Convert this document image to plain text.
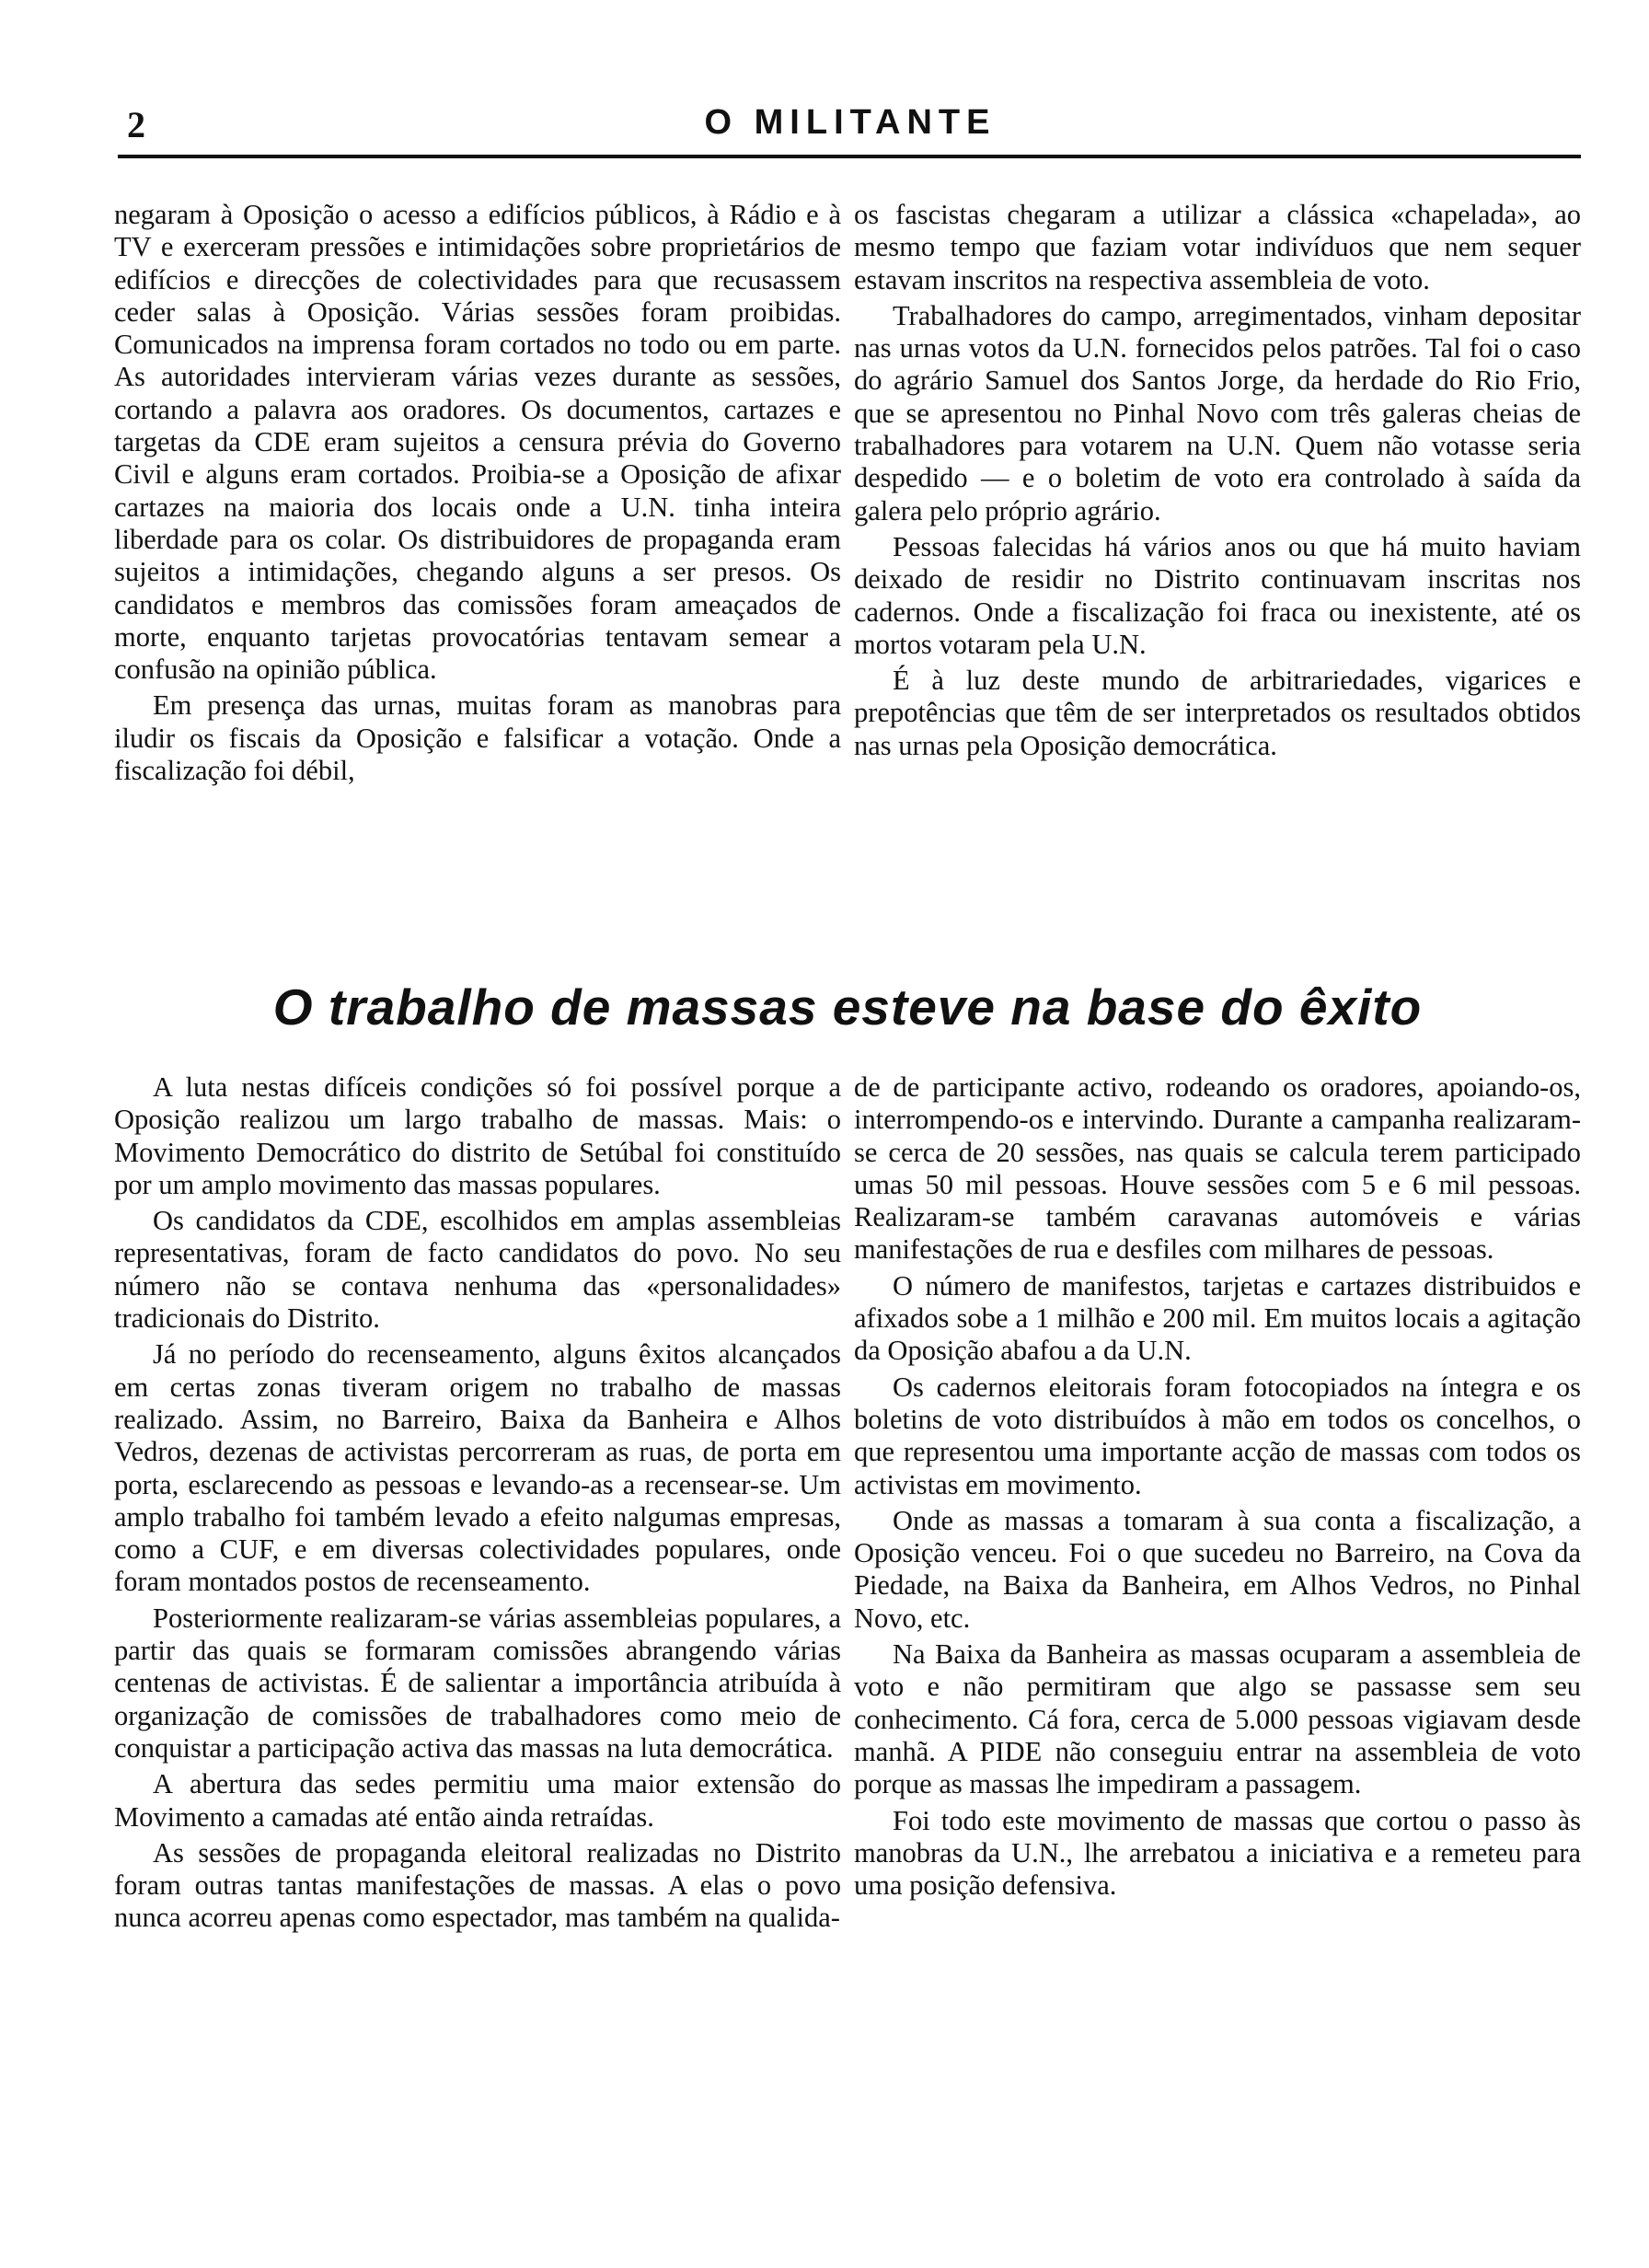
2	O MILITANTE

negaram à Oposição o acesso a edifícios públicos, à Rádio e à TV e exerceram pressões e intimidações sobre proprietários de edifícios e direcções de colectividades para que recusassem ceder salas à Oposição. Várias sessões foram proibidas. Comunicados na imprensa foram cortados no todo ou em parte. As autoridades intervieram várias vezes durante as sessões, cortando a palavra aos oradores. Os documentos, cartazes e targetas da CDE eram sujeitos a censura prévia do Governo Civil e alguns eram cortados. Proibia-se a Oposição de afixar cartazes na maioria dos locais onde a U.N. tinha inteira liberdade para os colar. Os distribuidores de propaganda eram sujeitos a intimidações, chegando alguns a ser presos. Os candidatos e membros das comissões foram ameaçados de morte, enquanto tarjetas provocatórias tentavam semear a confusão na opinião pública.

Em presença das urnas, muitas foram as manobras para iludir os fiscais da Oposição e falsificar a votação. Onde a fiscalização foi débil,

os fascistas chegaram a utilizar a clássica «chapelada», ao mesmo tempo que faziam votar indivíduos que nem sequer estavam inscritos na respectiva assembleia de voto.

Trabalhadores do campo, arregimentados, vinham depositar nas urnas votos da U.N. fornecidos pelos patrões. Tal foi o caso do agrário Samuel dos Santos Jorge, da herdade do Rio Frio, que se apresentou no Pinhal Novo com três galeras cheias de trabalhadores para votarem na U.N. Quem não votasse seria despedido — e o boletim de voto era controlado à saída da galera pelo próprio agrário.

Pessoas falecidas há vários anos ou que há muito haviam deixado de residir no Distrito continuavam inscritas nos cadernos. Onde a fiscalização foi fraca ou inexistente, até os mortos votaram pela U.N.

É à luz deste mundo de arbitrariedades, vigarices e prepotências que têm de ser interpretados os resultados obtidos nas urnas pela Oposição democrática.

O trabalho de massas esteve na base do êxito

A luta nestas difíceis condições só foi possível porque a Oposição realizou um largo trabalho de massas. Mais: o Movimento Democrático do distrito de Setúbal foi constituído por um amplo movimento das massas populares.

Os candidatos da CDE, escolhidos em amplas assembleias representativas, foram de facto candidatos do povo. No seu número não se contava nenhuma das «personalidades» tradicionais do Distrito.

Já no período do recenseamento, alguns êxitos alcançados em certas zonas tiveram origem no trabalho de massas realizado. Assim, no Barreiro, Baixa da Banheira e Alhos Vedros, dezenas de activistas percorreram as ruas, de porta em porta, esclarecendo as pessoas e levando-as a recensear-se. Um amplo trabalho foi também levado a efeito nalgumas empresas, como a CUF, e em diversas colectividades populares, onde foram montados postos de recenseamento.

Posteriormente realizaram-se várias assembleias populares, a partir das quais se formaram comissões abrangendo várias centenas de activistas. É de salientar a importância atribuída à organização de comissões de trabalhadores como meio de conquistar a participação activa das massas na luta democrática.

A abertura das sedes permitiu uma maior extensão do Movimento a camadas até então ainda retraídas.

As sessões de propaganda eleitoral realizadas no Distrito foram outras tantas manifestações de massas. A elas o povo nunca acorreu apenas como espectador, mas também na qualida-

de de participante activo, rodeando os oradores, apoiando-os, interrompendo-os e intervindo. Durante a campanha realizaram-se cerca de 20 sessões, nas quais se calcula terem participado umas 50 mil pessoas. Houve sessões com 5 e 6 mil pessoas. Realizaram-se também caravanas automóveis e várias manifestações de rua e desfiles com milhares de pessoas.

O número de manifestos, tarjetas e cartazes distribuidos e afixados sobe a 1 milhão e 200 mil. Em muitos locais a agitação da Oposição abafou a da U.N.

Os cadernos eleitorais foram fotocopiados na íntegra e os boletins de voto distribuídos à mão em todos os concelhos, o que representou uma importante acção de massas com todos os activistas em movimento.

Onde as massas a tomaram à sua conta a fiscalização, a Oposição venceu. Foi o que sucedeu no Barreiro, na Cova da Piedade, na Baixa da Banheira, em Alhos Vedros, no Pinhal Novo, etc.

Na Baixa da Banheira as massas ocuparam a assembleia de voto e não permitiram que algo se passasse sem seu conhecimento. Cá fora, cerca de 5.000 pessoas vigiavam desde manhã. A PIDE não conseguiu entrar na assembleia de voto porque as massas lhe impediram a passagem.

Foi todo este movimento de massas que cortou o passo às manobras da U.N., lhe arrebatou a iniciativa e a remeteu para uma posição defensiva.
